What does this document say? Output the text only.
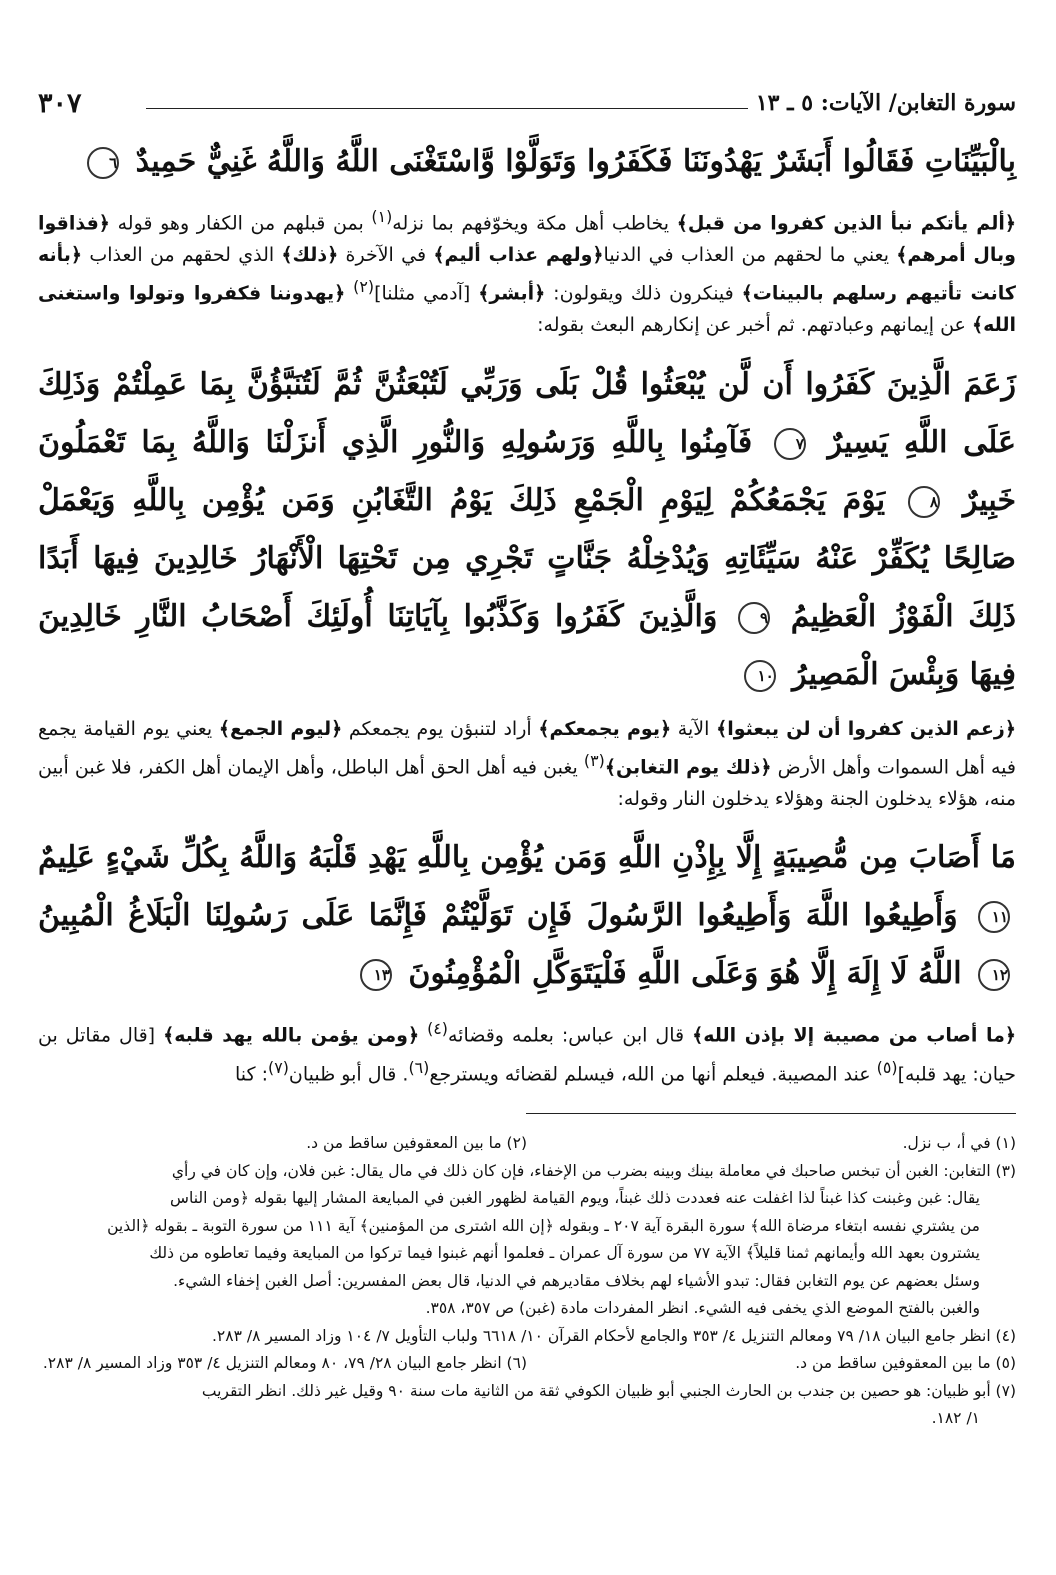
٣٠٧	سورة التغابن/ الآيات: ٥ ـ ١٣

بِالْبَيِّنَاتِ فَقَالُوا أَبَشَرٌ يَهْدُونَنَا فَكَفَرُوا وَتَوَلَّوْا وَّاسْتَغْنَى اللَّهُ وَاللَّهُ غَنِيٌّ حَمِيدٌ ٦

﴿ألم يأتكم نبأ الذين كفروا من قبل﴾ يخاطب أهل مكة ويخوّفهم بما نزله$^{(١)}$ بمن قبلهم من الكفار وهو قوله ﴿فذاقوا وبال أمرهم﴾ يعني ما لحقهم من العذاب في الدنيا﴿ولهم عذاب أليم﴾ في الآخرة ﴿ذلك﴾ الذي لحقهم من العذاب ﴿بأنه كانت تأتيهم رسلهم بالبينات﴾ فينكرون ذلك ويقولون: ﴿أبشر﴾ [آدمي مثلنا]$^{(٢)}$ ﴿يهدوننا فكفروا وتولوا واستغنى الله﴾ عن إيمانهم وعبادتهم. ثم أخبر عن إنكارهم البعث بقوله:

زَعَمَ الَّذِينَ كَفَرُوا أَن لَّن يُبْعَثُوا قُلْ بَلَى وَرَبِّي لَتُبْعَثُنَّ ثُمَّ لَتُنَبَّؤُنَّ بِمَا عَمِلْتُمْ وَذَلِكَ عَلَى اللَّهِ يَسِيرٌ ٧ فَآمِنُوا بِاللَّهِ وَرَسُولِهِ وَالنُّورِ الَّذِي أَنزَلْنَا وَاللَّهُ بِمَا تَعْمَلُونَ خَبِيرٌ ٨ يَوْمَ يَجْمَعُكُمْ لِيَوْمِ الْجَمْعِ ذَلِكَ يَوْمُ التَّغَابُنِ وَمَن يُؤْمِن بِاللَّهِ وَيَعْمَلْ صَالِحًا يُكَفِّرْ عَنْهُ سَيِّئَاتِهِ وَيُدْخِلْهُ جَنَّاتٍ تَجْرِي مِن تَحْتِهَا الْأَنْهَارُ خَالِدِينَ فِيهَا أَبَدًا ذَلِكَ الْفَوْزُ الْعَظِيمُ ٩ وَالَّذِينَ كَفَرُوا وَكَذَّبُوا بِآيَاتِنَا أُولَئِكَ أَصْحَابُ النَّارِ خَالِدِينَ فِيهَا وَبِئْسَ الْمَصِيرُ ١٠

﴿زعم الذين كفروا أن لن يبعثوا﴾ الآية ﴿يوم يجمعكم﴾ أراد لتنبؤن يوم يجمعكم ﴿ليوم الجمع﴾ يعني يوم القيامة يجمع فيه أهل السموات وأهل الأرض ﴿ذلك يوم التغابن﴾$^{(٣)}$ يغبن فيه أهل الحق أهل الباطل، وأهل الإيمان أهل الكفر، فلا غبن أبين منه، هؤلاء يدخلون الجنة وهؤلاء يدخلون النار وقوله:

مَا أَصَابَ مِن مُّصِيبَةٍ إِلَّا بِإِذْنِ اللَّهِ وَمَن يُؤْمِن بِاللَّهِ يَهْدِ قَلْبَهُ وَاللَّهُ بِكُلِّ شَيْءٍ عَلِيمٌ ١١ وَأَطِيعُوا اللَّهَ وَأَطِيعُوا الرَّسُولَ فَإِن تَوَلَّيْتُمْ فَإِنَّمَا عَلَى رَسُولِنَا الْبَلَاغُ الْمُبِينُ ١٢ اللَّهُ لَا إِلَهَ إِلَّا هُوَ وَعَلَى اللَّهِ فَلْيَتَوَكَّلِ الْمُؤْمِنُونَ ١٣

﴿ما أصاب من مصيبة إلا بإذن الله﴾ قال ابن عباس: بعلمه وقضائه$^{(٤)}$ ﴿ومن يؤمن بالله يهد قلبه﴾ [قال مقاتل بن حيان: يهد قلبه]$^{(٥)}$ عند المصيبة. فيعلم أنها من الله، فيسلم لقضائه ويسترجع$^{(٦)}$. قال أبو ظبيان$^{(٧)}$: كنا

(١) في أ، ب نزل.
(٢) ما بين المعقوفين ساقط من د.

(٣) التغابن: الغبن أن تبخس صاحبك في معاملة بينك وبينه بضرب من الإخفاء، فإن كان ذلك في مال يقال: غبن فلان، وإن كان في رأي

يقال: غبن وغبنت كذا غبناً لذا اغفلت عنه فعددت ذلك غبناً، ويوم القيامة لظهور الغبن في المبايعة المشار إليها بقوله ﴿ومن الناس

من يشتري نفسه ابتغاء مرضاة الله﴾ سورة البقرة آية ٢٠٧ ـ وبقوله ﴿إن الله اشترى من المؤمنين﴾ آية ١١١ من سورة التوبة ـ بقوله ﴿الذين

يشترون بعهد الله وأيمانهم ثمنا قليلاً﴾ الآية ٧٧ من سورة آل عمران ـ فعلموا أنهم غبنوا فيما تركوا من المبايعة وفيما تعاطوه من ذلك

وسئل بعضهم عن يوم التغابن فقال: تبدو الأشياء لهم بخلاف مقاديرهم في الدنيا، قال بعض المفسرين: أصل الغبن إخفاء الشيء.

والغبن بالفتح الموضع الذي يخفى فيه الشيء. انظر المفردات مادة (غبن) ص ٣٥٧، ٣٥٨.

(٤) انظر جامع البيان ١٨/ ٧٩ ومعالم التنزيل ٤/ ٣٥٣ والجامع لأحكام القرآن ١٠/ ٦٦١٨ ولباب التأويل ٧/ ١٠٤ وزاد المسير ٨/ ٢٨٣.

(٥) ما بين المعقوفين ساقط من د.
(٦) انظر جامع البيان ٢٨/ ٧٩، ٨٠ ومعالم التنزيل ٤/ ٣٥٣ وزاد المسير ٨/ ٢٨٣.

(٧) أبو ظبيان: هو حصين بن جندب بن الحارث الجنبي أبو ظبيان الكوفي ثقة من الثانية مات سنة ٩٠ وقيل غير ذلك. انظر التقريب

١/ ١٨٢.
